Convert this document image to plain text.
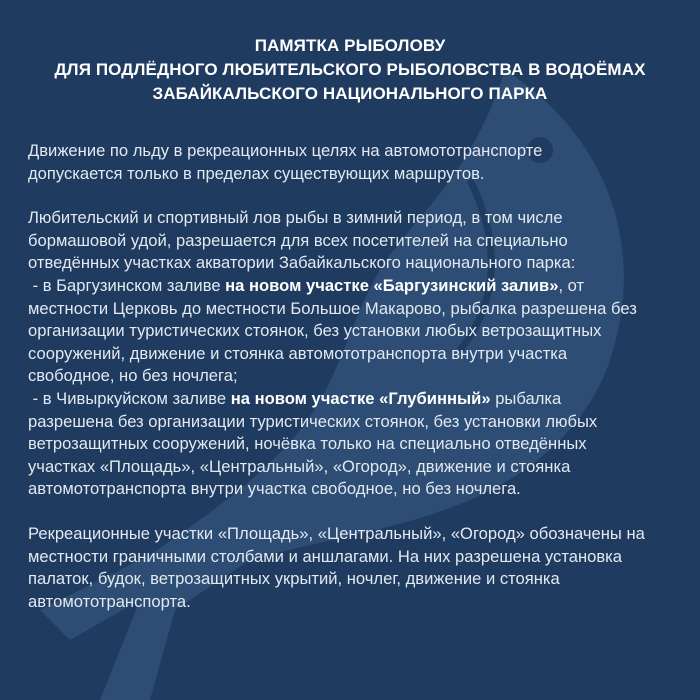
ПАМЯТКА РЫБОЛОВУ
ДЛЯ ПОДЛЁДНОГО ЛЮБИТЕЛЬСКОГО РЫБОЛОВСТВА В ВОДОЁМАХ
ЗАБАЙКАЛЬСКОГО НАЦИОНАЛЬНОГО ПАРКА
Движение по льду в рекреационных целях на автомототранспорте
допускается только в пределах существующих маршрутов.
Любительский и спортивный лов рыбы в зимний период, в том числе
бормашовой удой, разрешается для всех посетителей на специально
отведённых участках акватории Забайкальского национального парка:
- в Баргузинском заливе на новом участке «Баргузинский залив», от
местности Церковь до местности Большое Макарово, рыбалка разрешена без
организации туристических стоянок, без установки любых ветрозащитных
сооружений, движение и стоянка автомототранспорта внутри участка
свободное, но без ночлега;
- в Чивыркуйском заливе на новом участке «Глубинный» рыбалка
разрешена без организации туристических стоянок, без установки любых
ветрозащитных сооружений, ночёвка только на специально отведённых
участках «Площадь», «Центральный», «Огород», движение и стоянка
автомототранспорта внутри участка свободное, но без ночлега.
Рекреационные участки «Площадь», «Центральный», «Огород» обозначены на
местности граничными столбами и аншлагами. На них разрешена установка
палаток, будок, ветрозащитных укрытий, ночлег, движение и стоянка
автомототранспорта.
